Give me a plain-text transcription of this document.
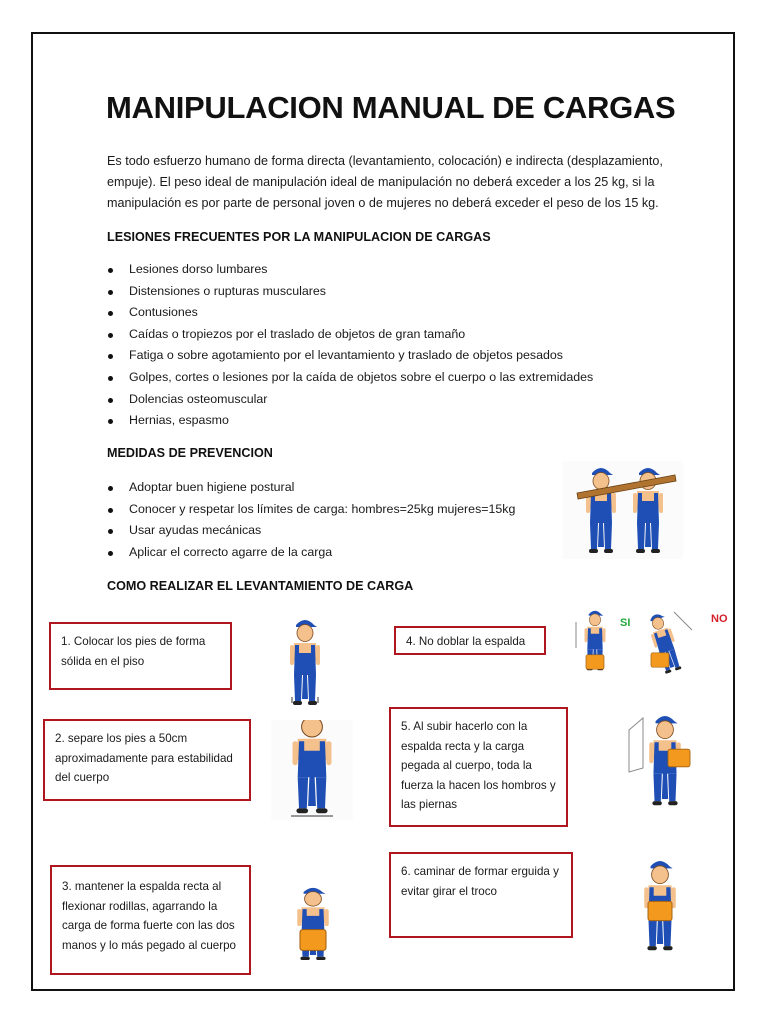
MANIPULACION MANUAL DE CARGAS

Es todo esfuerzo humano de forma directa (levantamiento, colocación) e indirecta (desplazamiento, empuje). El peso ideal de manipulación ideal de manipulación no deberá exceder a los 25 kg, si la manipulación es por parte de personal joven o de mujeres no deberá exceder el peso de los 15 kg.

LESIONES FRECUENTES POR LA MANIPULACION DE CARGAS
Lesiones dorso lumbares
Distensiones o rupturas musculares
Contusiones
Caídas o tropiezos por el traslado de objetos de gran tamaño
Fatiga o sobre agotamiento por el levantamiento y traslado de objetos pesados
Golpes, cortes o lesiones por la caída de objetos sobre el cuerpo o las extremidades
Dolencias osteomuscular
Hernias, espasmo
MEDIDAS DE PREVENCION
Adoptar buen higiene postural
Conocer y respetar los límites de carga: hombres=25kg mujeres=15kg
Usar ayudas mecánicas
Aplicar el correcto agarre de la carga
COMO REALIZAR EL LEVANTAMIENTO DE CARGA
1. Colocar los pies de forma sólida en el piso
2. separe los pies a 50cm aproximadamente para estabilidad del cuerpo
3. mantener la espalda recta al flexionar rodillas, agarrando la carga de forma fuerte con las dos manos y lo más pegado al cuerpo
4. No doblar la espalda
5. Al subir hacerlo con la espalda recta y la carga pegada al cuerpo, toda la fuerza la hacen los hombros y las piernas
6. caminar de formar erguida y evitar girar el troco
SI	NO
